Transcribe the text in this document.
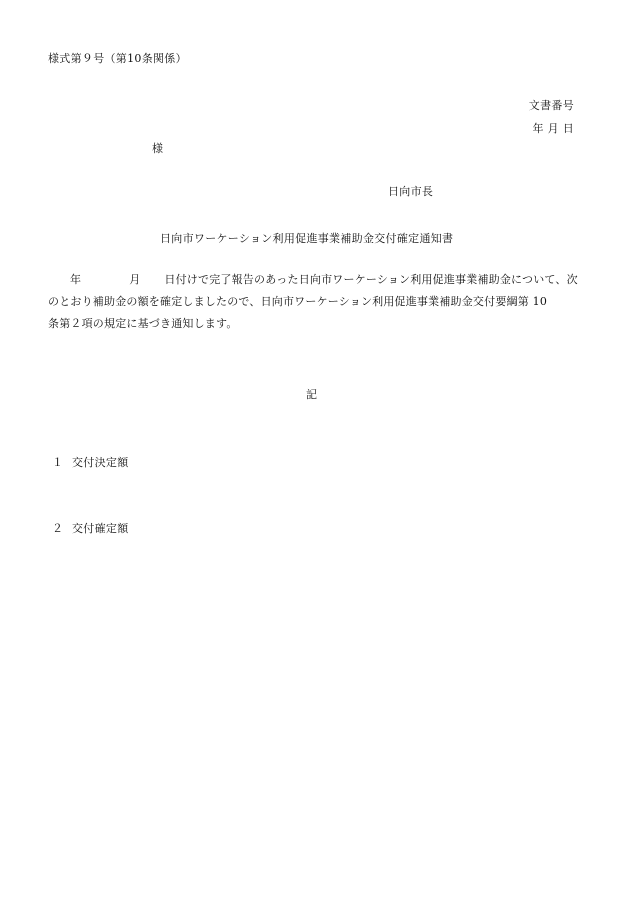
様式第９号（第10条関係）
文書番号
年 月 日
様
日向市長
日向市ワーケーション利用促進事業補助金交付確定通知書
年	月 日付けで完了報告のあった日向市ワーケーション利用促進事業補助金について、次
のとおり補助金の額を確定しましたので、日向市ワーケーション利用促進事業補助金交付要綱第 10
条第２項の規定に基づき通知します。
記
１ 交付決定額
２ 交付確定額
